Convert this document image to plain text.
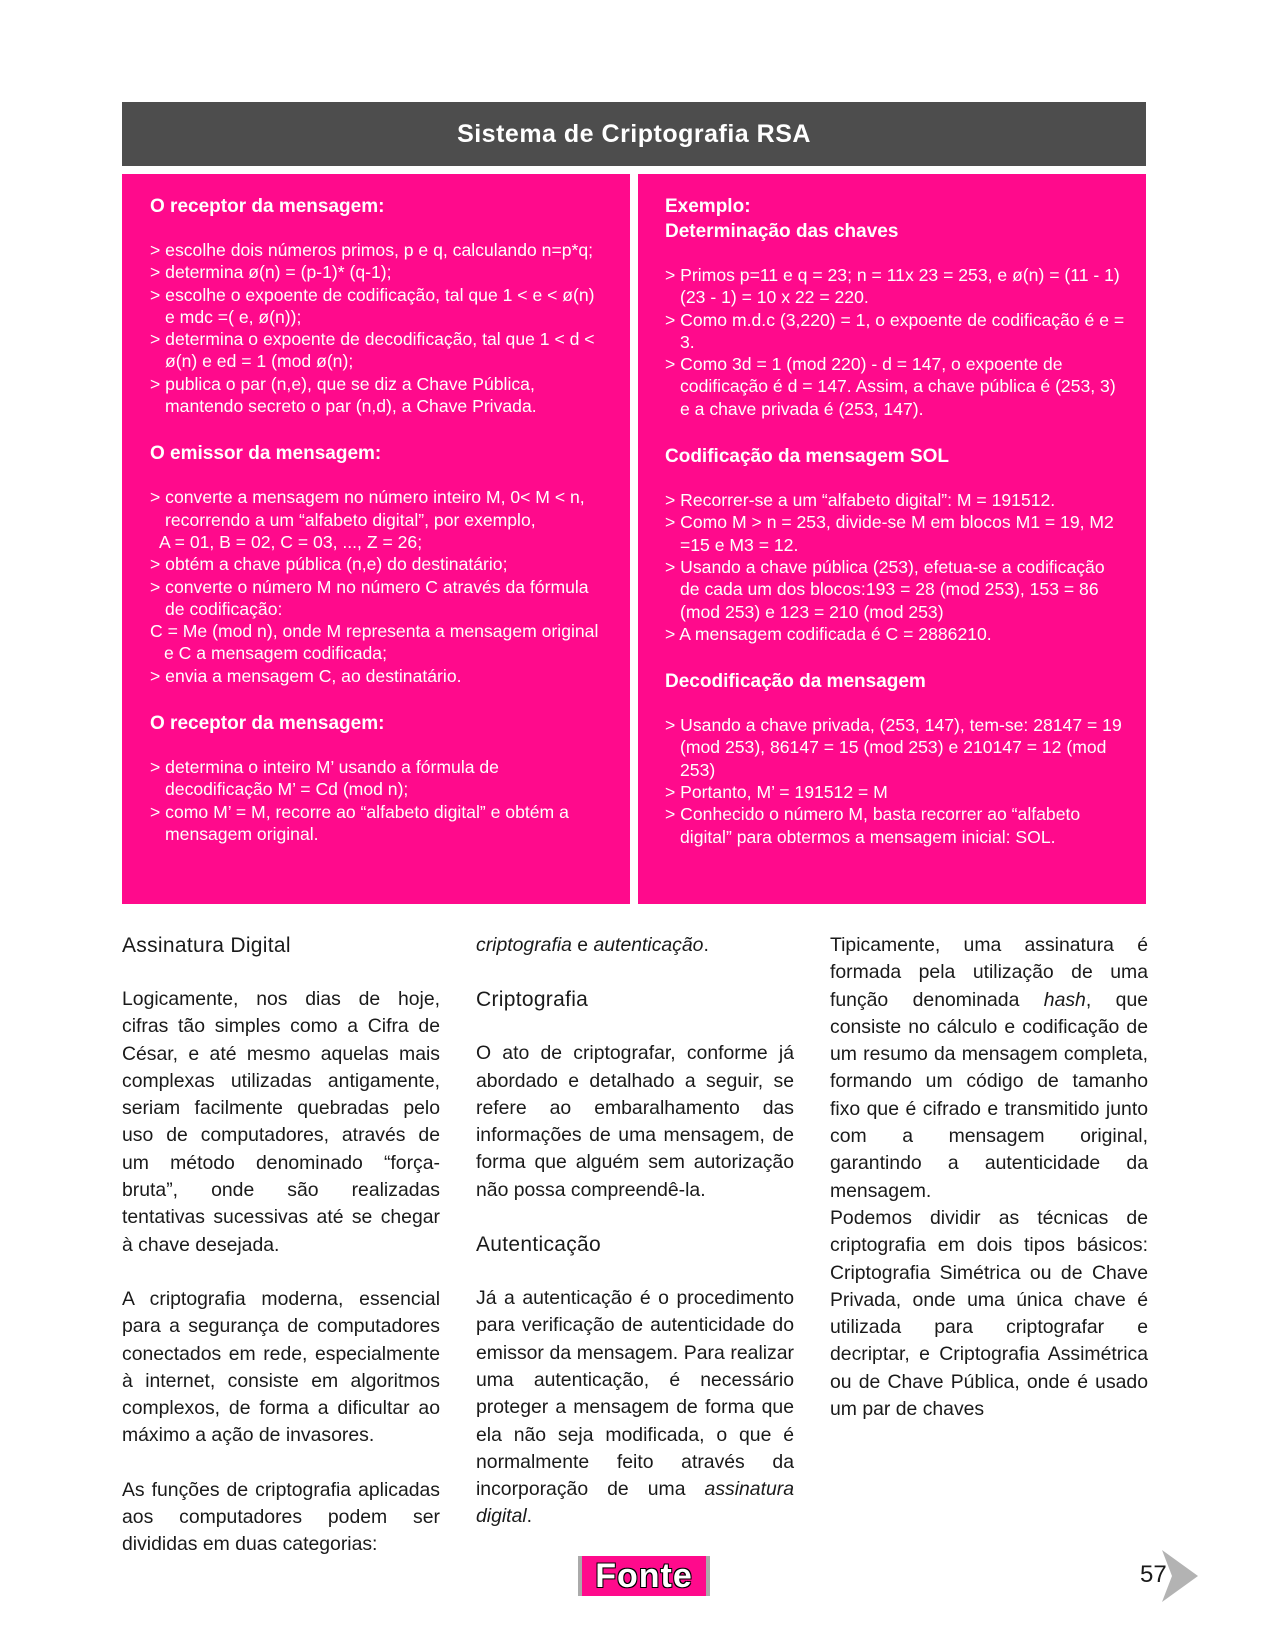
Sistema de Criptografia RSA
O receptor da mensagem:
> escolhe dois números primos, p e q, calculando n=p*q;
> determina ø(n) = (p-1)* (q-1);
> escolhe o expoente de codificação, tal que 1 < e < ø(n) e mdc =( e, ø(n));
> determina o expoente de decodificação, tal que 1 < d < ø(n) e ed = 1 (mod ø(n);
> publica o par (n,e), que se diz a Chave Pública, mantendo secreto o par (n,d), a Chave Privada.
O emissor da mensagem:
> converte a mensagem no número inteiro M, 0< M < n, recorrendo a um “alfabeto digital”, por exemplo,
A = 01, B = 02, C = 03, ..., Z = 26;
> obtém a chave pública (n,e) do destinatário;
> converte o número M no número C através da fórmula de codificação:
C = Me (mod n), onde M representa a mensagem original e C a mensagem codificada;
> envia a mensagem C, ao destinatário.
O receptor da mensagem:
> determina o inteiro M’ usando a fórmula de decodificação M’ = Cd (mod n);
> como M’ = M, recorre ao “alfabeto digital” e obtém a mensagem original.
Exemplo:
Determinação das chaves
> Primos p=11 e q = 23; n = 11x 23 = 253, e ø(n) = (11 - 1)(23 - 1) = 10 x 22 = 220.
> Como m.d.c (3,220) = 1, o expoente de codificação é e = 3.
> Como 3d = 1 (mod 220) - d = 147, o expoente de codificação é d = 147. Assim, a chave pública é (253, 3) e a chave privada é (253, 147).
Codificação da mensagem SOL
> Recorrer-se a um “alfabeto digital”: M = 191512.
> Como M > n = 253, divide-se M em blocos M1 = 19, M2 =15 e M3 = 12.
> Usando a chave pública (253), efetua-se a codificação de cada um dos blocos:193 = 28 (mod 253), 153 = 86 (mod 253) e 123 = 210 (mod 253)
> A mensagem codificada é C = 2886210.
Decodificação da mensagem
> Usando a chave privada, (253, 147), tem-se: 28147 = 19 (mod 253), 86147 = 15 (mod 253) e 210147 = 12 (mod 253)
> Portanto, M’ = 191512 = M
> Conhecido o número M, basta recorrer ao “alfabeto digital” para obtermos a mensagem inicial: SOL.
Assinatura Digital

Logicamente, nos dias de hoje, cifras tão simples como a Cifra de César, e até mesmo aquelas mais complexas utilizadas antigamente, seriam facilmente quebradas pelo uso de computadores, através de um método denominado “força-bruta”, onde são realizadas tentativas sucessivas até se chegar à chave desejada.

A criptografia moderna, essencial para a segurança de computadores conectados em rede, especialmente à internet, consiste em algoritmos complexos, de forma a dificultar ao máximo a ação de invasores.

As funções de criptografia aplicadas aos computadores podem ser divididas em duas categorias:

criptografia e autenticação.

Criptografia

O ato de criptografar, conforme já abordado e detalhado a seguir, se refere ao embaralhamento das informações de uma mensagem, de forma que alguém sem autorização não possa compreendê-la.

Autenticação

Já a autenticação é o procedimento para verificação de autenticidade do emissor da mensagem. Para realizar uma autenticação, é necessário proteger a mensagem de forma que ela não seja modificada, o que é normalmente feito através da incorporação de uma assinatura digital.

Tipicamente, uma assinatura é formada pela utilização de uma função denominada hash, que consiste no cálculo e codificação de um resumo da mensagem completa, formando um código de tamanho fixo que é cifrado e transmitido junto com a mensagem original, garantindo a autenticidade da mensagem.

Podemos dividir as técnicas de criptografia em dois tipos básicos: Criptografia Simétrica ou de Chave Privada, onde uma única chave é utilizada para criptografar e decriptar, e Criptografia Assimétrica ou de Chave Pública, onde é usado um par de chaves

Fonte	57
